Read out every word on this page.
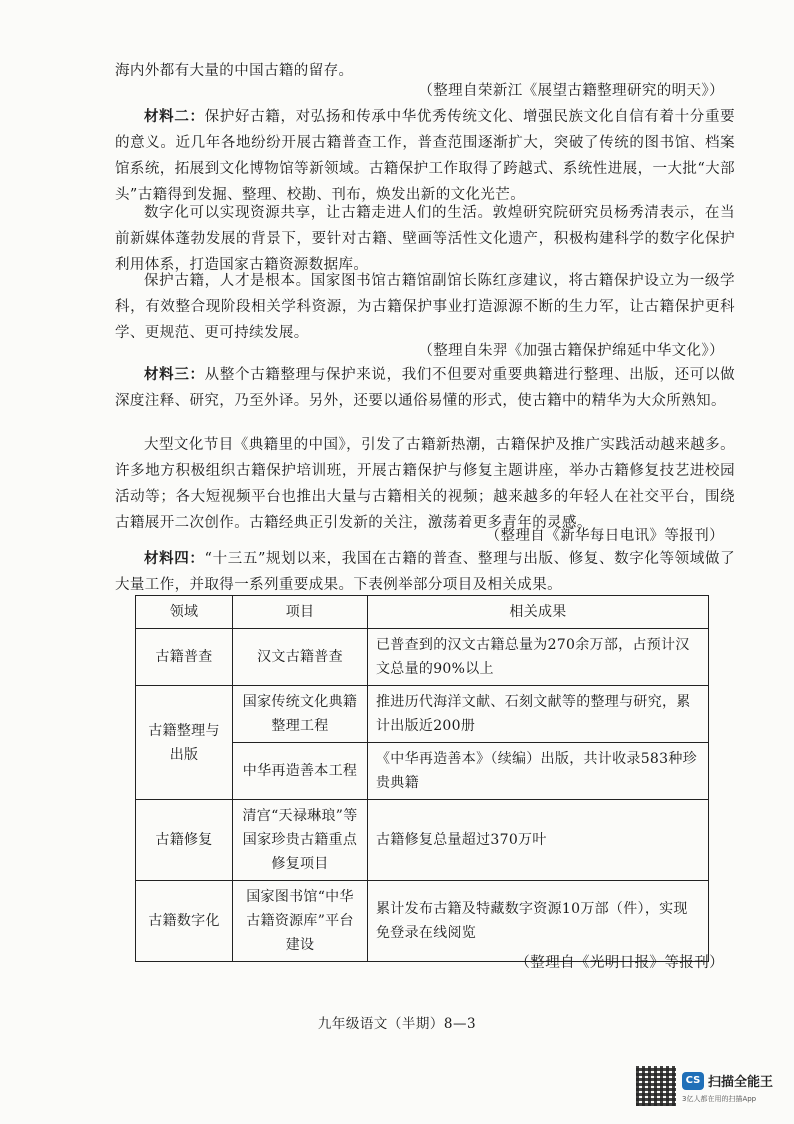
海内外都有大量的中国古籍的留存。

（整理自荣新江《展望古籍整理研究的明天》）

材料二：保护好古籍，对弘扬和传承中华优秀传统文化、增强民族文化自信有着十分重要的意义。近几年各地纷纷开展古籍普查工作，普查范围逐渐扩大，突破了传统的图书馆、档案馆系统，拓展到文化博物馆等新领域。古籍保护工作取得了跨越式、系统性进展，一大批“大部头”古籍得到发掘、整理、校勘、刊布，焕发出新的文化光芒。

数字化可以实现资源共享，让古籍走进人们的生活。敦煌研究院研究员杨秀清表示，在当前新媒体蓬勃发展的背景下，要针对古籍、壁画等活性文化遗产，积极构建科学的数字化保护利用体系，打造国家古籍资源数据库。

保护古籍，人才是根本。国家图书馆古籍馆副馆长陈红彦建议，将古籍保护设立为一级学科，有效整合现阶段相关学科资源，为古籍保护事业打造源源不断的生力军，让古籍保护更科学、更规范、更可持续发展。

（整理自朱羿《加强古籍保护绵延中华文化》）

材料三：从整个古籍整理与保护来说，我们不但要对重要典籍进行整理、出版，还可以做深度注释、研究，乃至外译。另外，还要以通俗易懂的形式，使古籍中的精华为大众所熟知。

大型文化节目《典籍里的中国》，引发了古籍新热潮，古籍保护及推广实践活动越来越多。许多地方积极组织古籍保护培训班，开展古籍保护与修复主题讲座，举办古籍修复技艺进校园活动等；各大短视频平台也推出大量与古籍相关的视频；越来越多的年轻人在社交平台，围绕古籍展开二次创作。古籍经典正引发新的关注，激荡着更多青年的灵感。

（整理自《新华每日电讯》等报刊）

材料四：“十三五”规划以来，我国在古籍的普查、整理与出版、修复、数字化等领域做了大量工作，并取得一系列重要成果。下表例举部分项目及相关成果。

领域	项目	相关成果
古籍普查	汉文古籍普查	已普查到的汉文古籍总量为270余万部，占预计汉文总量的90%以上
古籍整理与出版	国家传统文化典籍整理工程	推进历代海洋文献、石刻文献等的整理与研究，累计出版近200册
	中华再造善本工程	《中华再造善本》（续编）出版，共计收录583种珍贵典籍
古籍修复	清宫“天禄琳琅”等国家珍贵古籍重点修复项目	古籍修复总量超过370万叶
古籍数字化	国家图书馆“中华古籍资源库”平台建设	累计发布古籍及特藏数字资源10万部（件），实现免登录在线阅览

（整理自《光明日报》等报刊）

九年级语文（半期）8—3

CS 扫描全能王
3亿人都在用的扫描App
